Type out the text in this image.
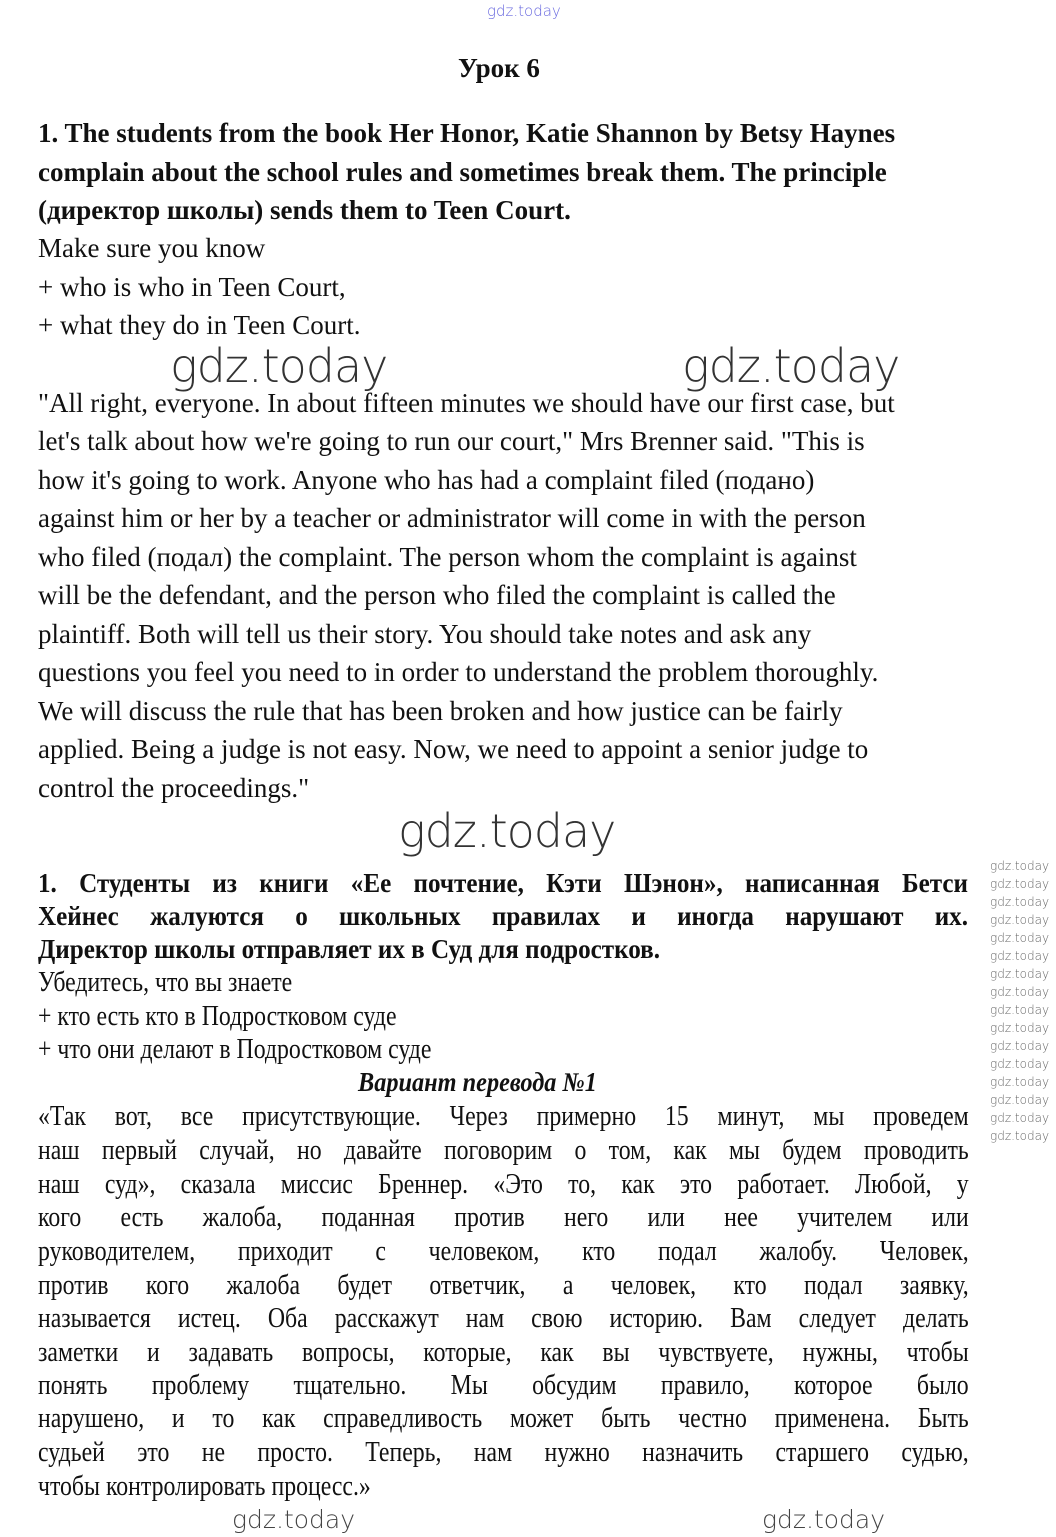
gdz.today
Урок 6
1. The students from the book Her Honor, Katie Shannon by Betsy Haynes
complain about the school rules and sometimes break them. The principle
(директор школы) sends them to Teen Court.
Make sure you know
+ who is who in Teen Court,
+ what they do in Teen Court.
"All right, everyone. In about fifteen minutes we should have our first case, but
let's talk about how we're going to run our court," Mrs Brenner said. "This is
how it's going to work. Anyone who has had a complaint filed (подано)
against him or her by a teacher or administrator will come in with the person
who filed (подал) the complaint. The person whom the complaint is against
will be the defendant, and the person who filed the complaint is called the
plaintiff. Both will tell us their story. You should take notes and ask any
questions you feel you need to in order to understand the problem thoroughly.
We will discuss the rule that has been broken and how justice can be fairly
applied. Being a judge is not easy. Now, we need to appoint a senior judge to
control the proceedings."
1. Студенты из книги «Ее почтение, Кэти Шэнон», написанная Бетси
Хейнес жалуются о школьных правилах и иногда нарушают их.
Директор школы отправляет их в Суд для подростков.
Убедитесь, что вы знаете
+ кто есть кто в Подростковом суде
+ что они делают в Подростковом суде
Вариант перевода №1
«Так вот, все присутствующие. Через примерно 15 минут, мы проведем
наш первый случай, но давайте поговорим о том, как мы будем проводить
наш суд», сказала миссис Бреннер. «Это то, как это работает. Любой, у
кого есть жалоба, поданная против него или нее учителем или
руководителем, приходит с человеком, кто подал жалобу. Человек,
против кого жалоба будет ответчик, а человек, кто подал заявку,
называется истец. Оба расскажут нам свою историю. Вам следует делать
заметки и задавать вопросы, которые, как вы чувствуете, нужны, чтобы
понять проблему тщательно. Мы обсудим правило, которое было
нарушено, и то как справедливость может быть честно применена. Быть
судьей это не просто. Теперь, нам нужно назначить старшего судью,
чтобы контролировать процесс.»
gdz.today	gdz.today
gdz.today
gdz.today	gdz.today
gdz.today
gdz.today
gdz.today
gdz.today
gdz.today
gdz.today
gdz.today
gdz.today
gdz.today
gdz.today
gdz.today
gdz.today
gdz.today
gdz.today
gdz.today
gdz.today
